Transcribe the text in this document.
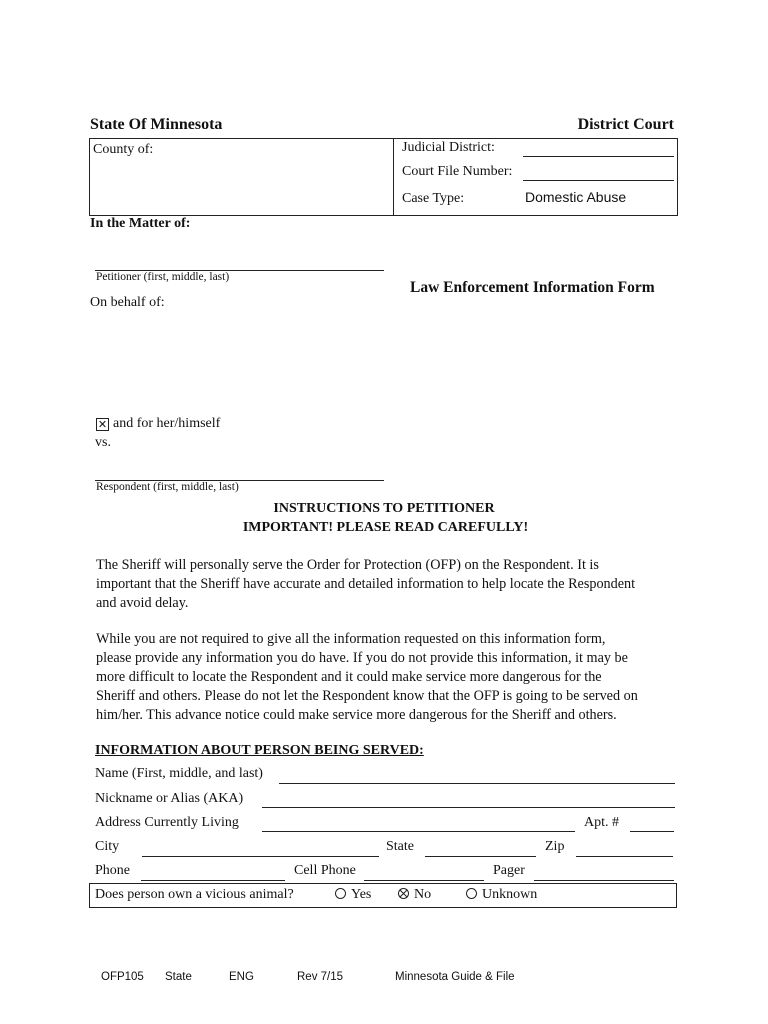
State Of Minnesota	District Court
County of:	Judicial District:
Court File Number:
Case Type:	Domestic Abuse
In the Matter of:
Petitioner (first, middle, last)
On behalf of:
Law Enforcement Information Form
✕ and for her/himself
vs.
Respondent (first, middle, last)
INSTRUCTIONS TO PETITIONER
IMPORTANT! PLEASE READ CAREFULLY!
The Sheriff will personally serve the Order for Protection (OFP) on the Respondent. It is
important that the Sheriff have accurate and detailed information to help locate the Respondent
and avoid delay.
While you are not required to give all the information requested on this information form,
please provide any information you do have. If you do not provide this information, it may be
more difficult to locate the Respondent and it could make service more dangerous for the
Sheriff and others. Please do not let the Respondent know that the OFP is going to be served on
him/her. This advance notice could make service more dangerous for the Sheriff and others.
INFORMATION ABOUT PERSON BEING SERVED:
Name (First, middle, and last)
Nickname or Alias (AKA)
Address Currently Living	Apt. #
City	State	Zip
Phone	Cell Phone	Pager
Does person own a vicious animal?	Yes	No	Unknown
OFP105 State	ENG	Rev 7/15	Minnesota Guide & File
